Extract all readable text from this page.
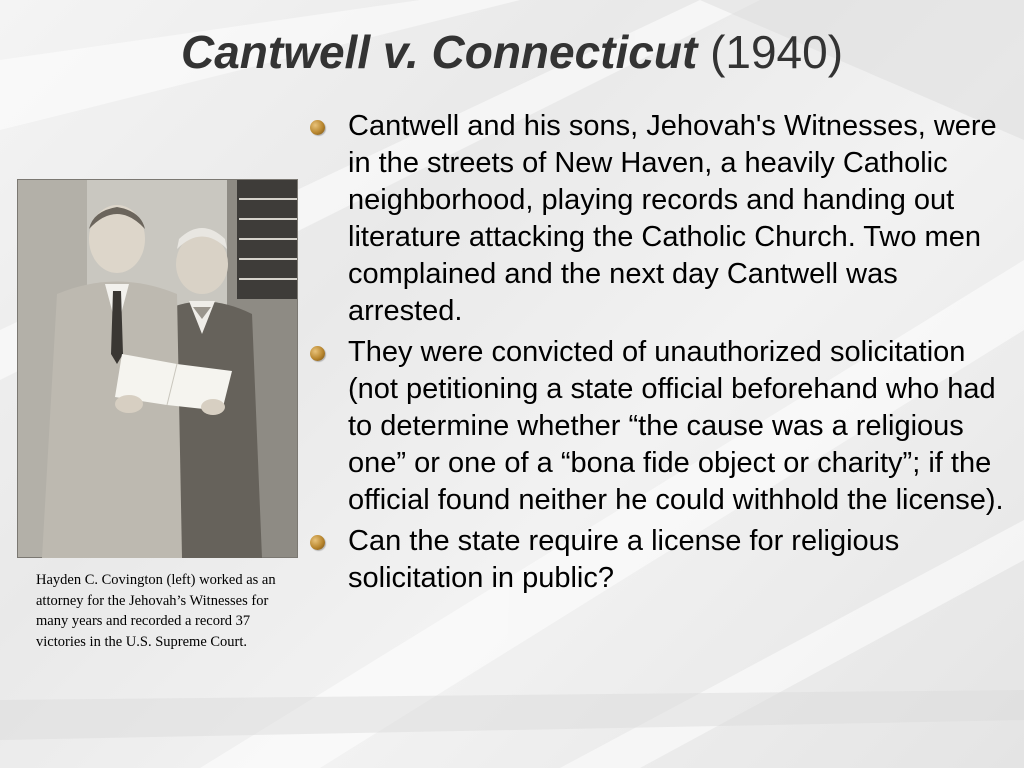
Cantwell v. Connecticut (1940)
Hayden C. Covington (left) worked as an attorney for the Jehovah’s Witnesses for many years and recorded a record 37 victories in the U.S. Supreme Court.
Cantwell and his sons, Jehovah's Witnesses, were in the streets of New Haven, a heavily Catholic neighborhood, playing records and handing out literature attacking the Catholic Church. Two men complained and the next day Cantwell was arrested.
They were convicted of unauthorized solicitation (not petitioning a state official beforehand who had to determine whether “the cause was a religious one” or one of a “bona fide object or charity”; if the official found neither he could withhold the license).
Can the state require a license for religious solicitation in public?
